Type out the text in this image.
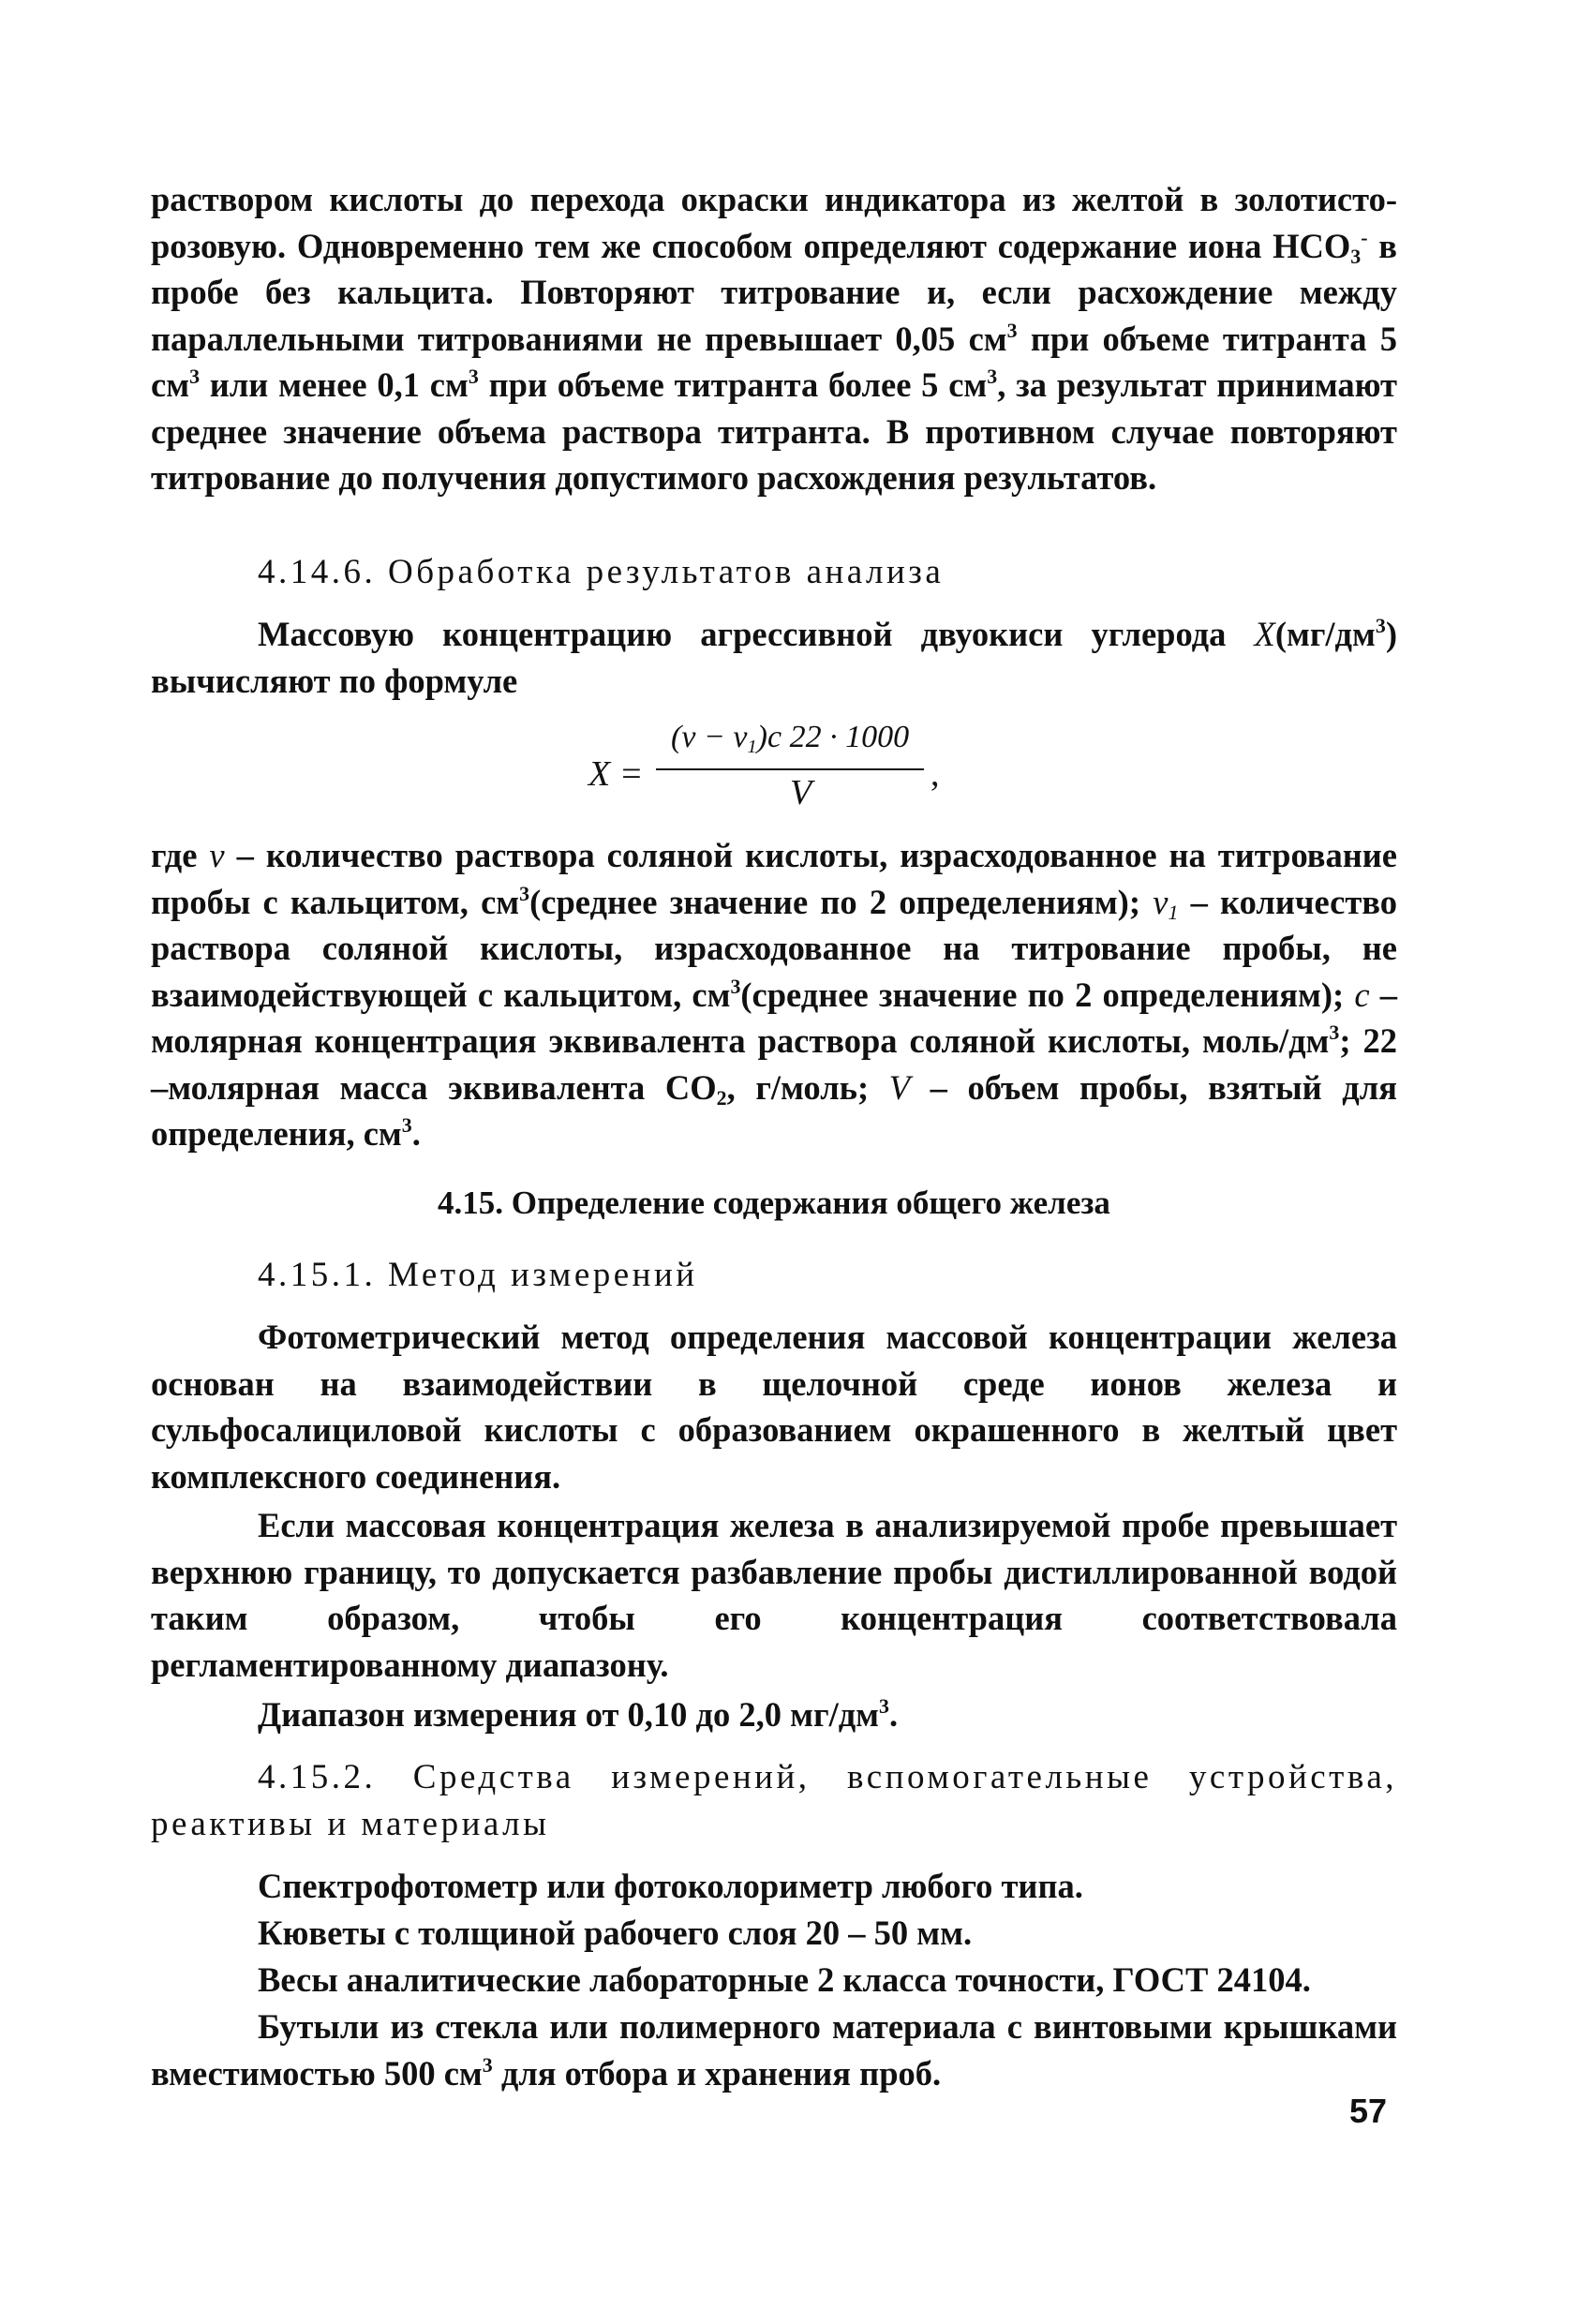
раствором кислоты до перехода окраски индикатора из желтой в золотисто-розовую. Одновременно тем же способом определяют содержание иона $НСО_3^-$ в пробе без кальцита. Повторяют титрование и, если расхождение между параллельными титрованиями не превышает 0,05 $см^3$ при объеме титранта 5 $см^3$ или менее 0,1 $см^3$ при объеме титранта более 5 $см^3$, за результат принимают среднее значение объема раствора титранта. В противном случае повторяют титрование до получения допустимого расхождения результатов.

4.14.6. Обработка результатов анализа

Массовую концентрацию агрессивной двуокиси углерода $X(мг/дм^3)$ вычисляют по формуле

X =
$(v - v_1)c$ 22 · 1000
V	,

где v – количество раствора соляной кислоты, израсходованное на титрование пробы с кальцитом, $см^3(среднее$ значение по 2 определениям); $v_1$ – количество раствора соляной кислоты, израсходованное на титрование пробы, не взаимодействующей с кальцитом, $см^3(среднее$ значение по 2 определениям); с – молярная концентрация эквивалента раствора соляной кислоты, моль/$дм^3$; 22 –молярная масса эквивалента $СО_2$, г/моль; V – объем пробы, взятый для определения, $см^3$.

4.15. Определение содержания общего железа

4.15.1. Метод измерений

Фотометрический метод определения массовой концентрации железа основан на взаимодействии в щелочной среде ионов железа и сульфосалициловой кислоты с образованием окрашенного в желтый цвет комплексного соединения.

Если массовая концентрация железа в анализируемой пробе превышает верхнюю границу, то допускается разбавление пробы дистиллированной водой таким образом, чтобы его концентрация соответствовала регламентированному диапазону.

Диапазон измерения от 0,10 до 2,0 $мг/дм^3$.

4.15.2. Средства измерений, вспомогательные устройства, реактивы и материалы

Спектрофотометр или фотоколориметр любого типа.

Кюветы с толщиной рабочего слоя 20 – 50 мм.

Весы аналитические лабораторные 2 класса точности, ГОСТ 24104.

Бутыли из стекла или полимерного материала с винтовыми крышками вместимостью 500 $см^3$ для отбора и хранения проб.

57
